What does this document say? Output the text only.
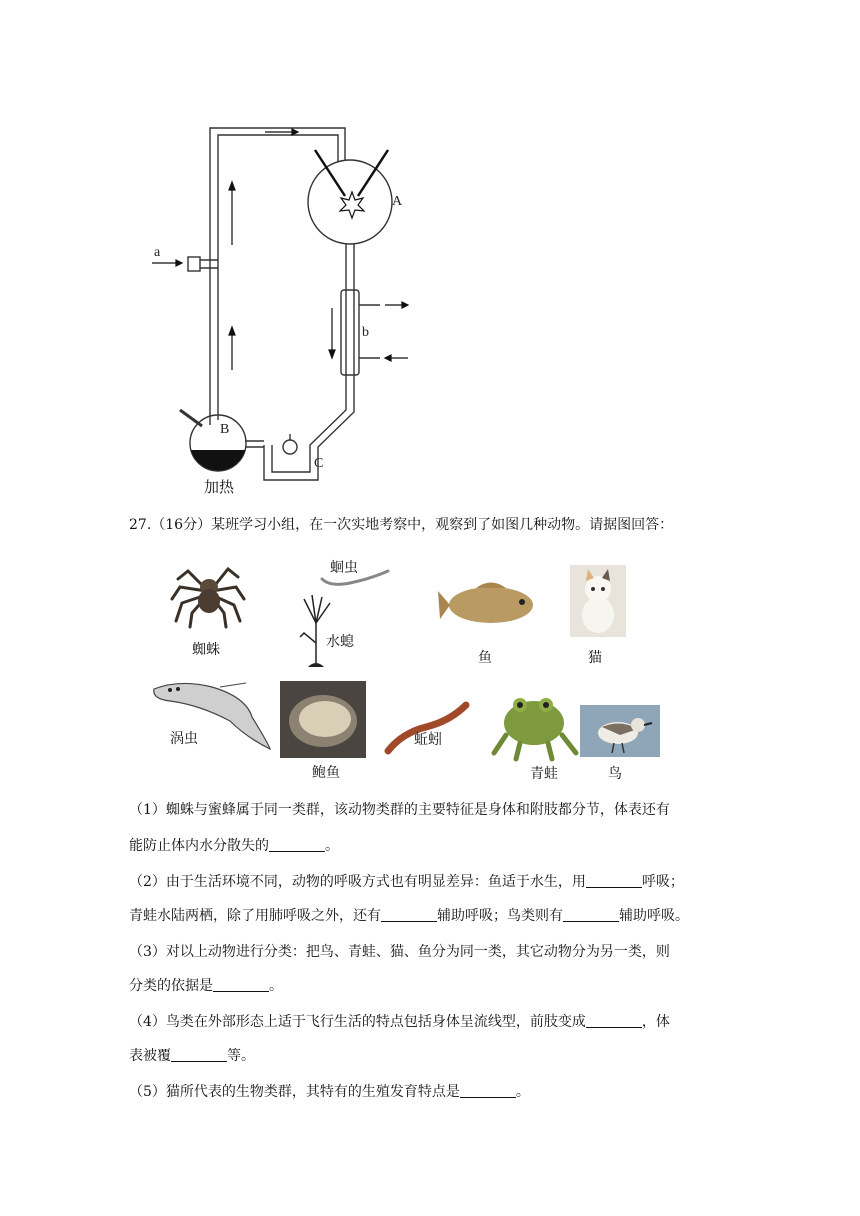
a
A
b
B
C
加热
27.（16分）某班学习小组，在一次实地考察中，观察到了如图几种动物。请据图回答：
蜘蛛
蛔虫
水螅
鱼	猫
涡虫
鲍鱼
蚯蚓
青蛙	鸟
（1）蜘蛛与蜜蜂属于同一类群，该动物类群的主要特征是身体和附肢都分节，体表还有
能防止体内水分散失的	。
（2）由于生活环境不同，动物的呼吸方式也有明显差异：鱼适于水生，用	呼吸；
青蛙水陆两栖，除了用肺呼吸之外，还有	辅助呼吸；鸟类则有	辅助呼吸。
（3）对以上动物进行分类：把鸟、青蛙、猫、鱼分为同一类，其它动物分为另一类，则
分类的依据是	。
（4）鸟类在外部形态上适于飞行生活的特点包括身体呈流线型，前肢变成	，体
表被覆	等。
（5）猫所代表的生物类群，其特有的生殖发育特点是	。
